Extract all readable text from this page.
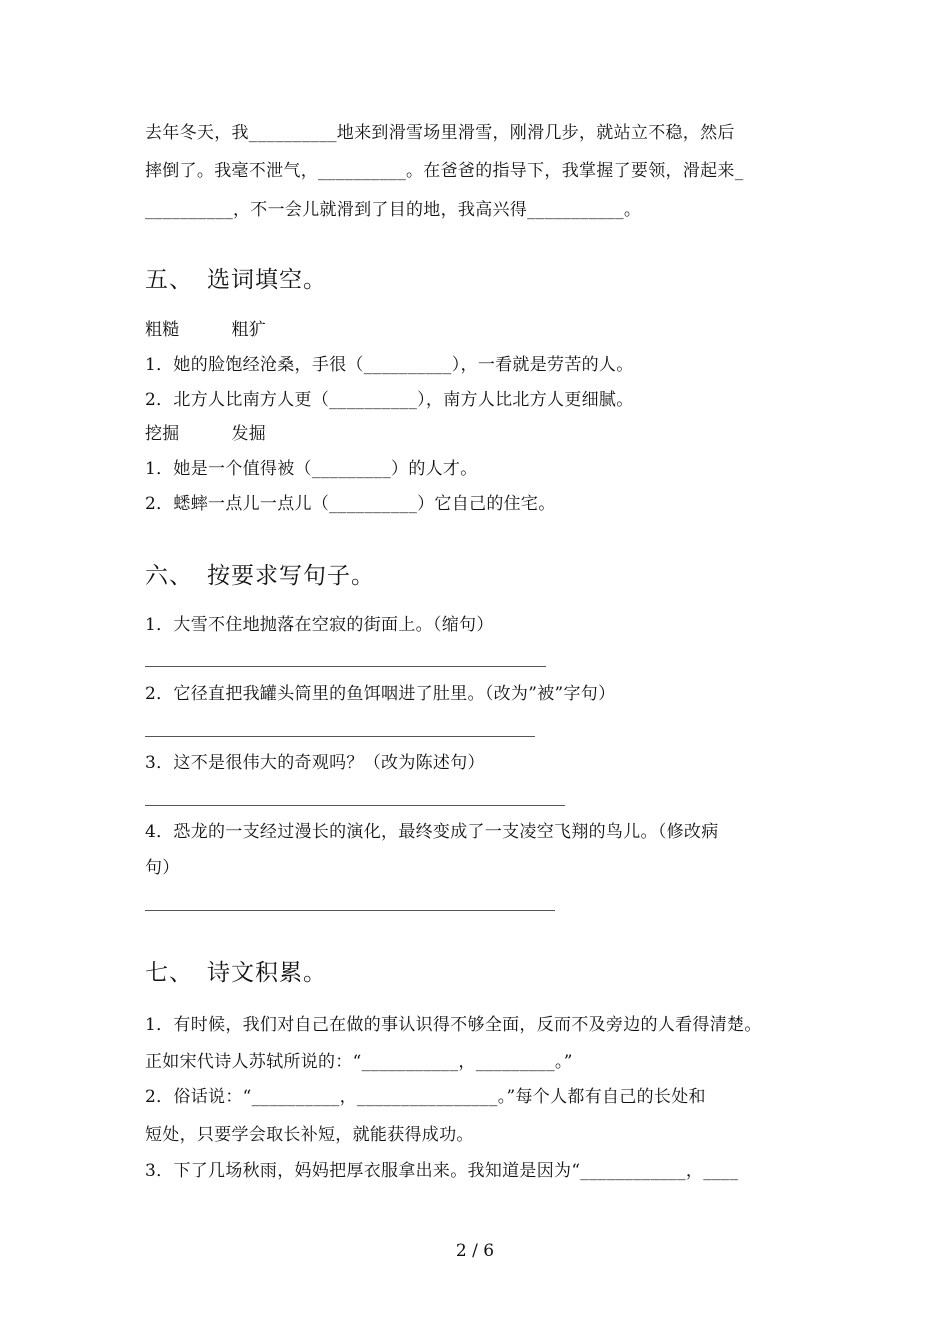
去年冬天，我__________地来到滑雪场里滑雪，刚滑几步，就站立不稳，然后
摔倒了。我毫不泄气，__________。在爸爸的指导下，我掌握了要领，滑起来_
__________，不一会儿就滑到了目的地，我高兴得___________。
五、 选词填空。
粗糙　　　粗犷
1．她的脸饱经沧桑，手很（__________），一看就是劳苦的人。
2．北方人比南方人更（__________），南方人比北方人更细腻。
挖掘　　　发掘
1．她是一个值得被（_________）的人才。
2．蟋蟀一点儿一点儿（__________）它自己的住宅。
六、 按要求写句子。
1．大雪不住地抛落在空寂的街面上。（缩句）
2．它径直把我罐头筒里的鱼饵咽进了肚里。（改为”被”字句）
3．这不是很伟大的奇观吗？（改为陈述句）
4．恐龙的一支经过漫长的演化，最终变成了一支凌空飞翔的鸟儿。（修改病
句）
七、 诗文积累。
1．有时候，我们对自己在做的事认识得不够全面，反而不及旁边的人看得清楚。
正如宋代诗人苏轼所说的：“___________，_________。”
2．俗话说：“__________，________________。”每个人都有自己的长处和
短处，只要学会取长补短，就能获得成功。
3．下了几场秋雨，妈妈把厚衣服拿出来。我知道是因为“____________，____
2 / 6
